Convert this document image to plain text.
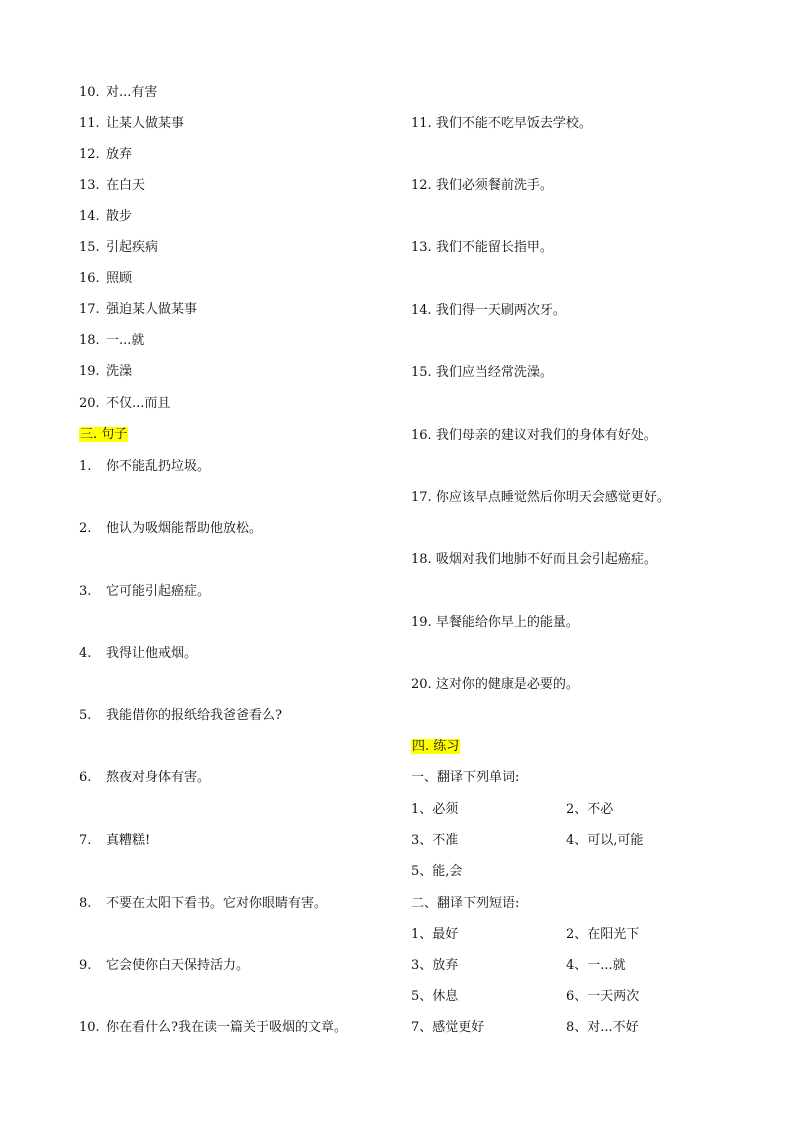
10. 对...有害
11. 让某人做某事
12. 放弃
13. 在白天
14. 散步
15. 引起疾病
16. 照顾
17. 强迫某人做某事
18. 一...就
19. 洗澡
20. 不仅...而且
三. 句子
1. 你不能乱扔垃圾。
2. 他认为吸烟能帮助他放松。
3. 它可能引起癌症。
4. 我得让他戒烟。
5. 我能借你的报纸给我爸爸看么?
6. 熬夜对身体有害。
7. 真糟糕!
8. 不要在太阳下看书。它对你眼睛有害。
9. 它会使你白天保持活力。
10. 你在看什么?我在读一篇关于吸烟的文章。
11. 我们不能不吃早饭去学校。
12. 我们必须餐前洗手。
13. 我们不能留长指甲。
14. 我们得一天刷两次牙。
15. 我们应当经常洗澡。
16. 我们母亲的建议对我们的身体有好处。
17. 你应该早点睡觉然后你明天会感觉更好。
18. 吸烟对我们地肺不好而且会引起癌症。
19. 早餐能给你早上的能量。
20. 这对你的健康是必要的。
四. 练习
一、翻译下列单词:
1、必须	2、不必
3、不准	4、可以,可能
5、能,会
二、翻译下列短语:
1、最好	2、在阳光下
3、放弃	4、一...就
5、休息	6、一天两次
7、感觉更好	8、对...不好
